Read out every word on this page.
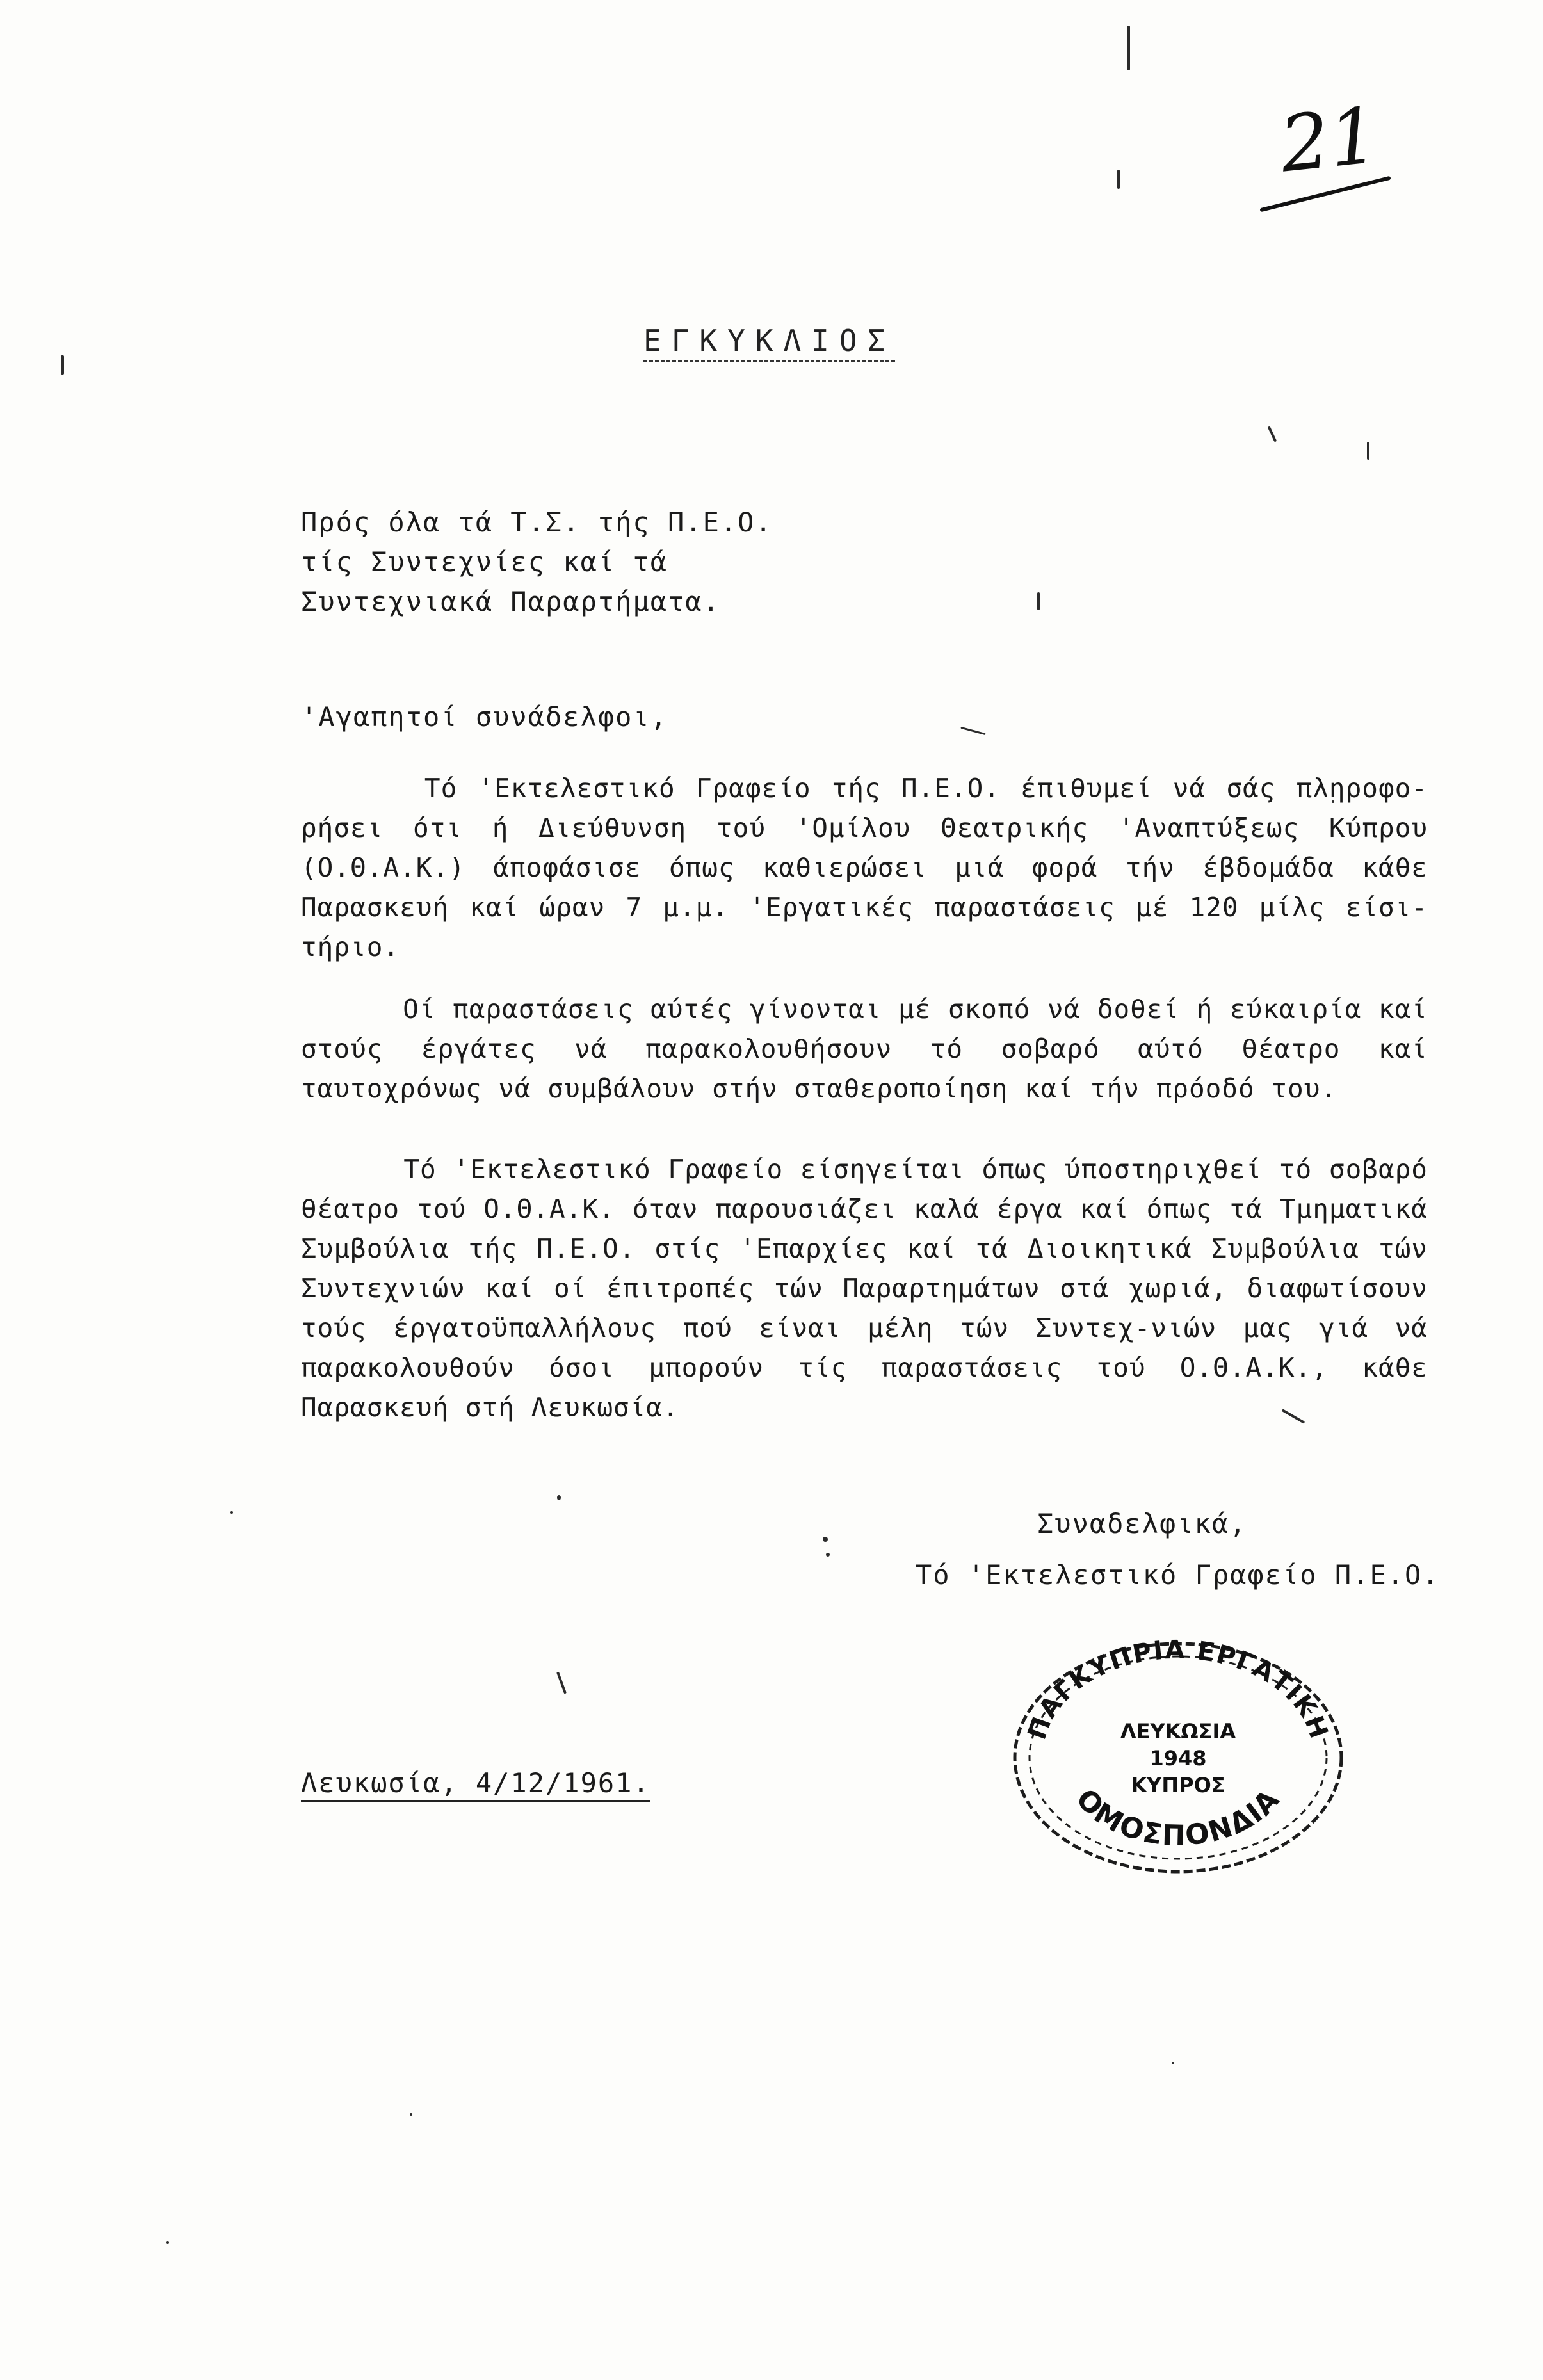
21
ΕΓΚΥΚΛΙΟΣ
Πρός όλα τά Τ.Σ. τής Π.Ε.Ο.
τίς Συντεχνίες καί τά
Συντεχνιακά Παραρτήματα.
'Αγαπητοί συνάδελφοι,
Τό 'Εκτελεστικό Γραφείο τής Π.Ε.Ο. έπιθυμεί νά σάς πληροφο-ρήσει ότι ή Διεύθυνση τού 'Ομίλου Θεατρικής 'Αναπτύξεως Κύπρου (Ο.Θ.Α.Κ.) άποφάσισε όπως καθιερώσει μιά φορά τήν έβδομάδα κάθε Παρασκευή καί ώραν 7 μ.μ. 'Εργατικές παραστάσεις μέ 120 μίλς είσι-τήριο.
Οί παραστάσεις αύτές γίνονται μέ σκοπό νά δοθεί ή εύκαιρία καί στούς έργάτες νά παρακολουθήσουν τό σοβαρό αύτό θέατρο καί ταυτοχρόνως νά συμβάλουν στήν σταθεροποίηση καί τήν πρόοδό του.
Τό 'Εκτελεστικό Γραφείο είσηγείται όπως ύποστηριχθεί τό σοβαρό θέατρο τού Ο.Θ.Α.Κ. όταν παρουσιάζει καλά έργα καί όπως τά Τμηματικά Συμβούλια τής Π.Ε.Ο. στίς 'Επαρχίες καί τά Διοικητικά Συμβούλια τών Συντεχνιών καί οί έπιτροπές τών Παραρτημάτων στά χωριά, διαφωτίσουν τούς έργατοϋπαλλήλους πού είναι μέλη τών Συντεχ-νιών μας γιά νά παρακολουθούν όσοι μπορούν τίς παραστάσεις τού Ο.Θ.Α.Κ., κάθε Παρασκευή στή Λευκωσία.
Συναδελφικά,
Τό 'Εκτελεστικό Γραφείο Π.Ε.Ο.
Λευκωσία, 4/12/1961.
ΠΑΓΚΥΠΡΙΑ ΕΡΓΑΤΙΚΗ
ΛΕΥΚΩΣΙΑ
1948
ΚΥΠΡΟΣ
ΟΜΟΣΠΟΝΔΙΑ
